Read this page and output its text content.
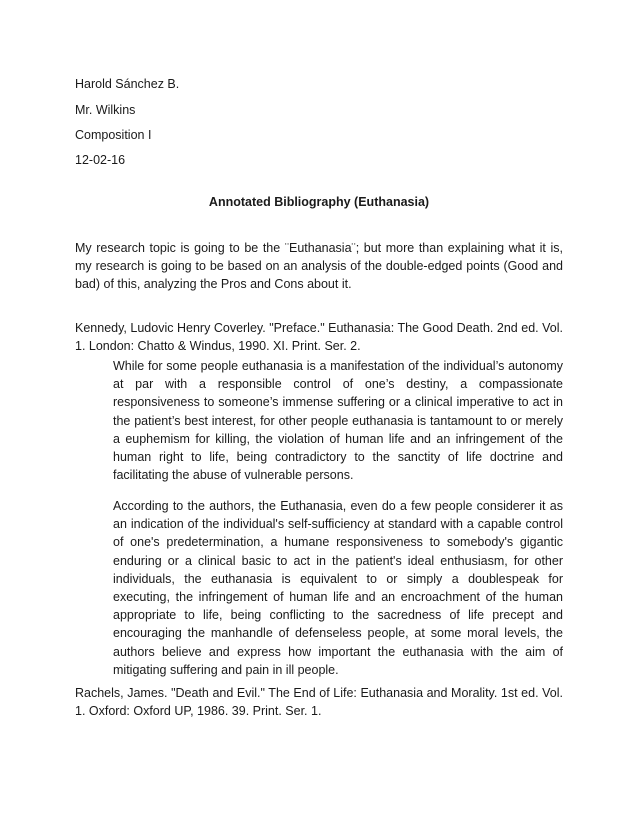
Harold Sánchez B.

Mr. Wilkins

Composition I

12-02-16

Annotated Bibliography (Euthanasia)

My research topic is going to be the ¨Euthanasia¨; but more than explaining what it is, my research is going to be based on an analysis of the double-edged points (Good and bad) of this, analyzing the Pros and Cons about it.

Kennedy, Ludovic Henry Coverley. "Preface." Euthanasia: The Good Death. 2nd ed. Vol. 1. London: Chatto & Windus, 1990. XI. Print. Ser. 2.

While for some people euthanasia is a manifestation of the individual’s autonomy at par with a responsible control of one’s destiny, a compassionate responsiveness to someone’s immense suffering or a clinical imperative to act in the patient’s best interest, for other people euthanasia is tantamount to or merely a euphemism for killing, the violation of human life and an infringement of the human right to life, being contradictory to the sanctity of life doctrine and facilitating the abuse of vulnerable persons.

According to the authors, the Euthanasia, even do a few people considerer it as an indication of the individual's self-sufficiency at standard with a capable control of one's predetermination, a humane responsiveness to somebody's gigantic enduring or a clinical basic to act in the patient's ideal enthusiasm, for other individuals, the euthanasia is equivalent to or simply a doublespeak for executing, the infringement of human life and an encroachment of the human appropriate to life, being conflicting to the sacredness of life precept and encouraging the manhandle of defenseless people, at some moral levels, the authors believe and express how important the euthanasia with the aim of mitigating suffering and pain in ill people.

Rachels, James. "Death and Evil." The End of Life: Euthanasia and Morality. 1st ed. Vol. 1. Oxford: Oxford UP, 1986. 39. Print. Ser. 1.
